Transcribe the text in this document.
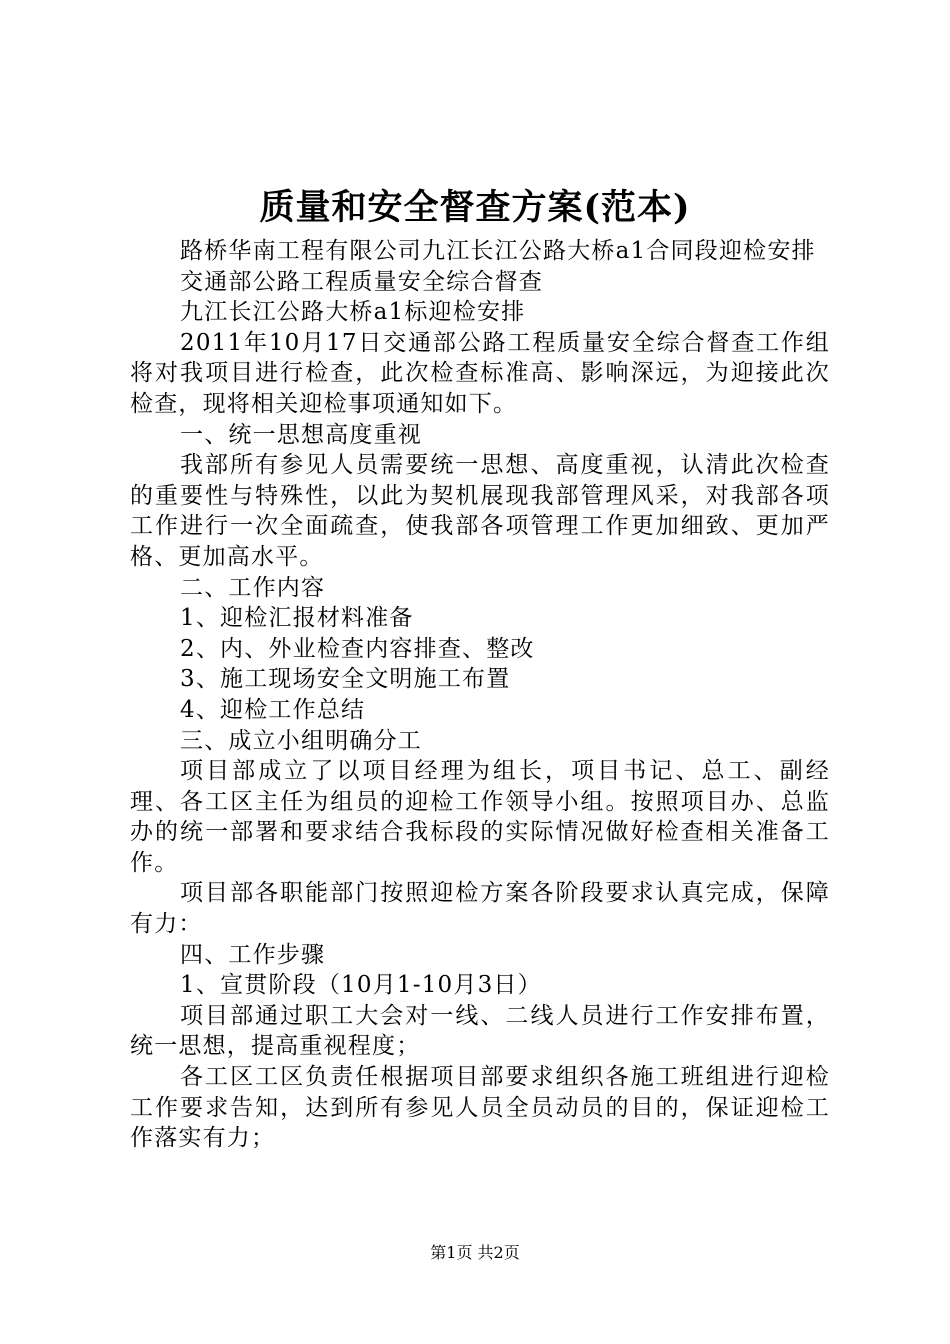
质量和安全督查方案(范本)

路桥华南工程有限公司九江长江公路大桥a1合同段迎检安排

交通部公路工程质量安全综合督查

九江长江公路大桥a1标迎检安排

2011年10月17日交通部公路工程质量安全综合督查工作组将对我项目进行检查，此次检查标准高、影响深远，为迎接此次检查，现将相关迎检事项通知如下。

一、统一思想高度重视

我部所有参见人员需要统一思想、高度重视，认清此次检查的重要性与特殊性，以此为契机展现我部管理风采，对我部各项工作进行一次全面疏查，使我部各项管理工作更加细致、更加严格、更加高水平。

二、工作内容

1、迎检汇报材料准备

2、内、外业检查内容排查、整改

3、施工现场安全文明施工布置

4、迎检工作总结

三、成立小组明确分工

项目部成立了以项目经理为组长，项目书记、总工、副经理、各工区主任为组员的迎检工作领导小组。按照项目办、总监办的统一部署和要求结合我标段的实际情况做好检查相关准备工作。

项目部各职能部门按照迎检方案各阶段要求认真完成，保障有力：

四、工作步骤

1、宣贯阶段（10月1-10月3日）

项目部通过职工大会对一线、二线人员进行工作安排布置，统一思想，提高重视程度；

各工区工区负责任根据项目部要求组织各施工班组进行迎检工作要求告知，达到所有参见人员全员动员的目的，保证迎检工作落实有力；

第1页 共2页
